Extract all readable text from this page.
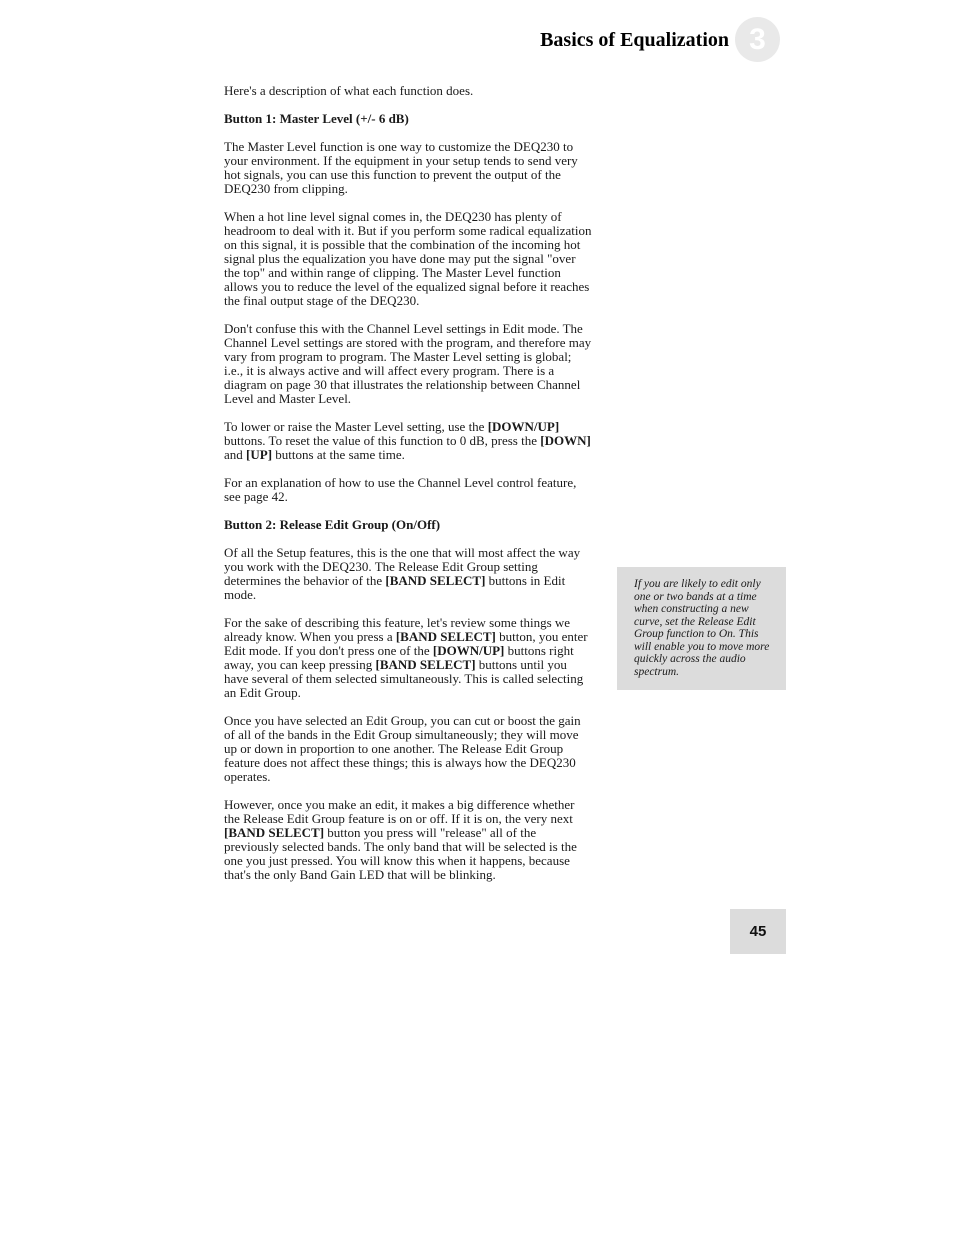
Basics of Equalization 3

Here's a description of what each function does.

Button 1: Master Level (+/- 6 dB)

The Master Level function is one way to customize the DEQ230 to your environment. If the equipment in your setup tends to send very hot signals, you can use this function to prevent the output of the DEQ230 from clipping.

When a hot line level signal comes in, the DEQ230 has plenty of headroom to deal with it. But if you perform some radical equalization on this signal, it is possible that the combination of the incoming hot signal plus the equalization you have done may put the signal "over the top" and within range of clipping. The Master Level function allows you to reduce the level of the equalized signal before it reaches the final output stage of the DEQ230.

Don't confuse this with the Channel Level settings in Edit mode. The Channel Level settings are stored with the program, and therefore may vary from program to program. The Master Level setting is global; i.e., it is always active and will affect every program. There is a diagram on page 30 that illustrates the relationship between Channel Level and Master Level.

To lower or raise the Master Level setting, use the [DOWN/UP] buttons. To reset the value of this function to 0 dB, press the [DOWN] and [UP] buttons at the same time.

For an explanation of how to use the Channel Level control feature, see page 42.

Button 2: Release Edit Group (On/Off)

Of all the Setup features, this is the one that will most affect the way you work with the DEQ230. The Release Edit Group setting determines the behavior of the [BAND SELECT] buttons in Edit mode.

For the sake of describing this feature, let's review some things we already know. When you press a [BAND SELECT] button, you enter Edit mode. If you don't press one of the [DOWN/UP] buttons right away, you can keep pressing [BAND SELECT] buttons until you have several of them selected simultaneously. This is called selecting an Edit Group.

Once you have selected an Edit Group, you can cut or boost the gain of all of the bands in the Edit Group simultaneously; they will move up or down in proportion to one another. The Release Edit Group feature does not affect these things; this is always how the DEQ230 operates.

However, once you make an edit, it makes a big difference whether the Release Edit Group feature is on or off. If it is on, the very next [BAND SELECT] button you press will "release" all of the previously selected bands. The only band that will be selected is the one you just pressed. You will know this when it happens, because that's the only Band Gain LED that will be blinking.

If you are likely to edit only one or two bands at a time when constructing a new curve, set the Release Edit Group function to On. This will enable you to move more quickly across the audio spectrum.
45
